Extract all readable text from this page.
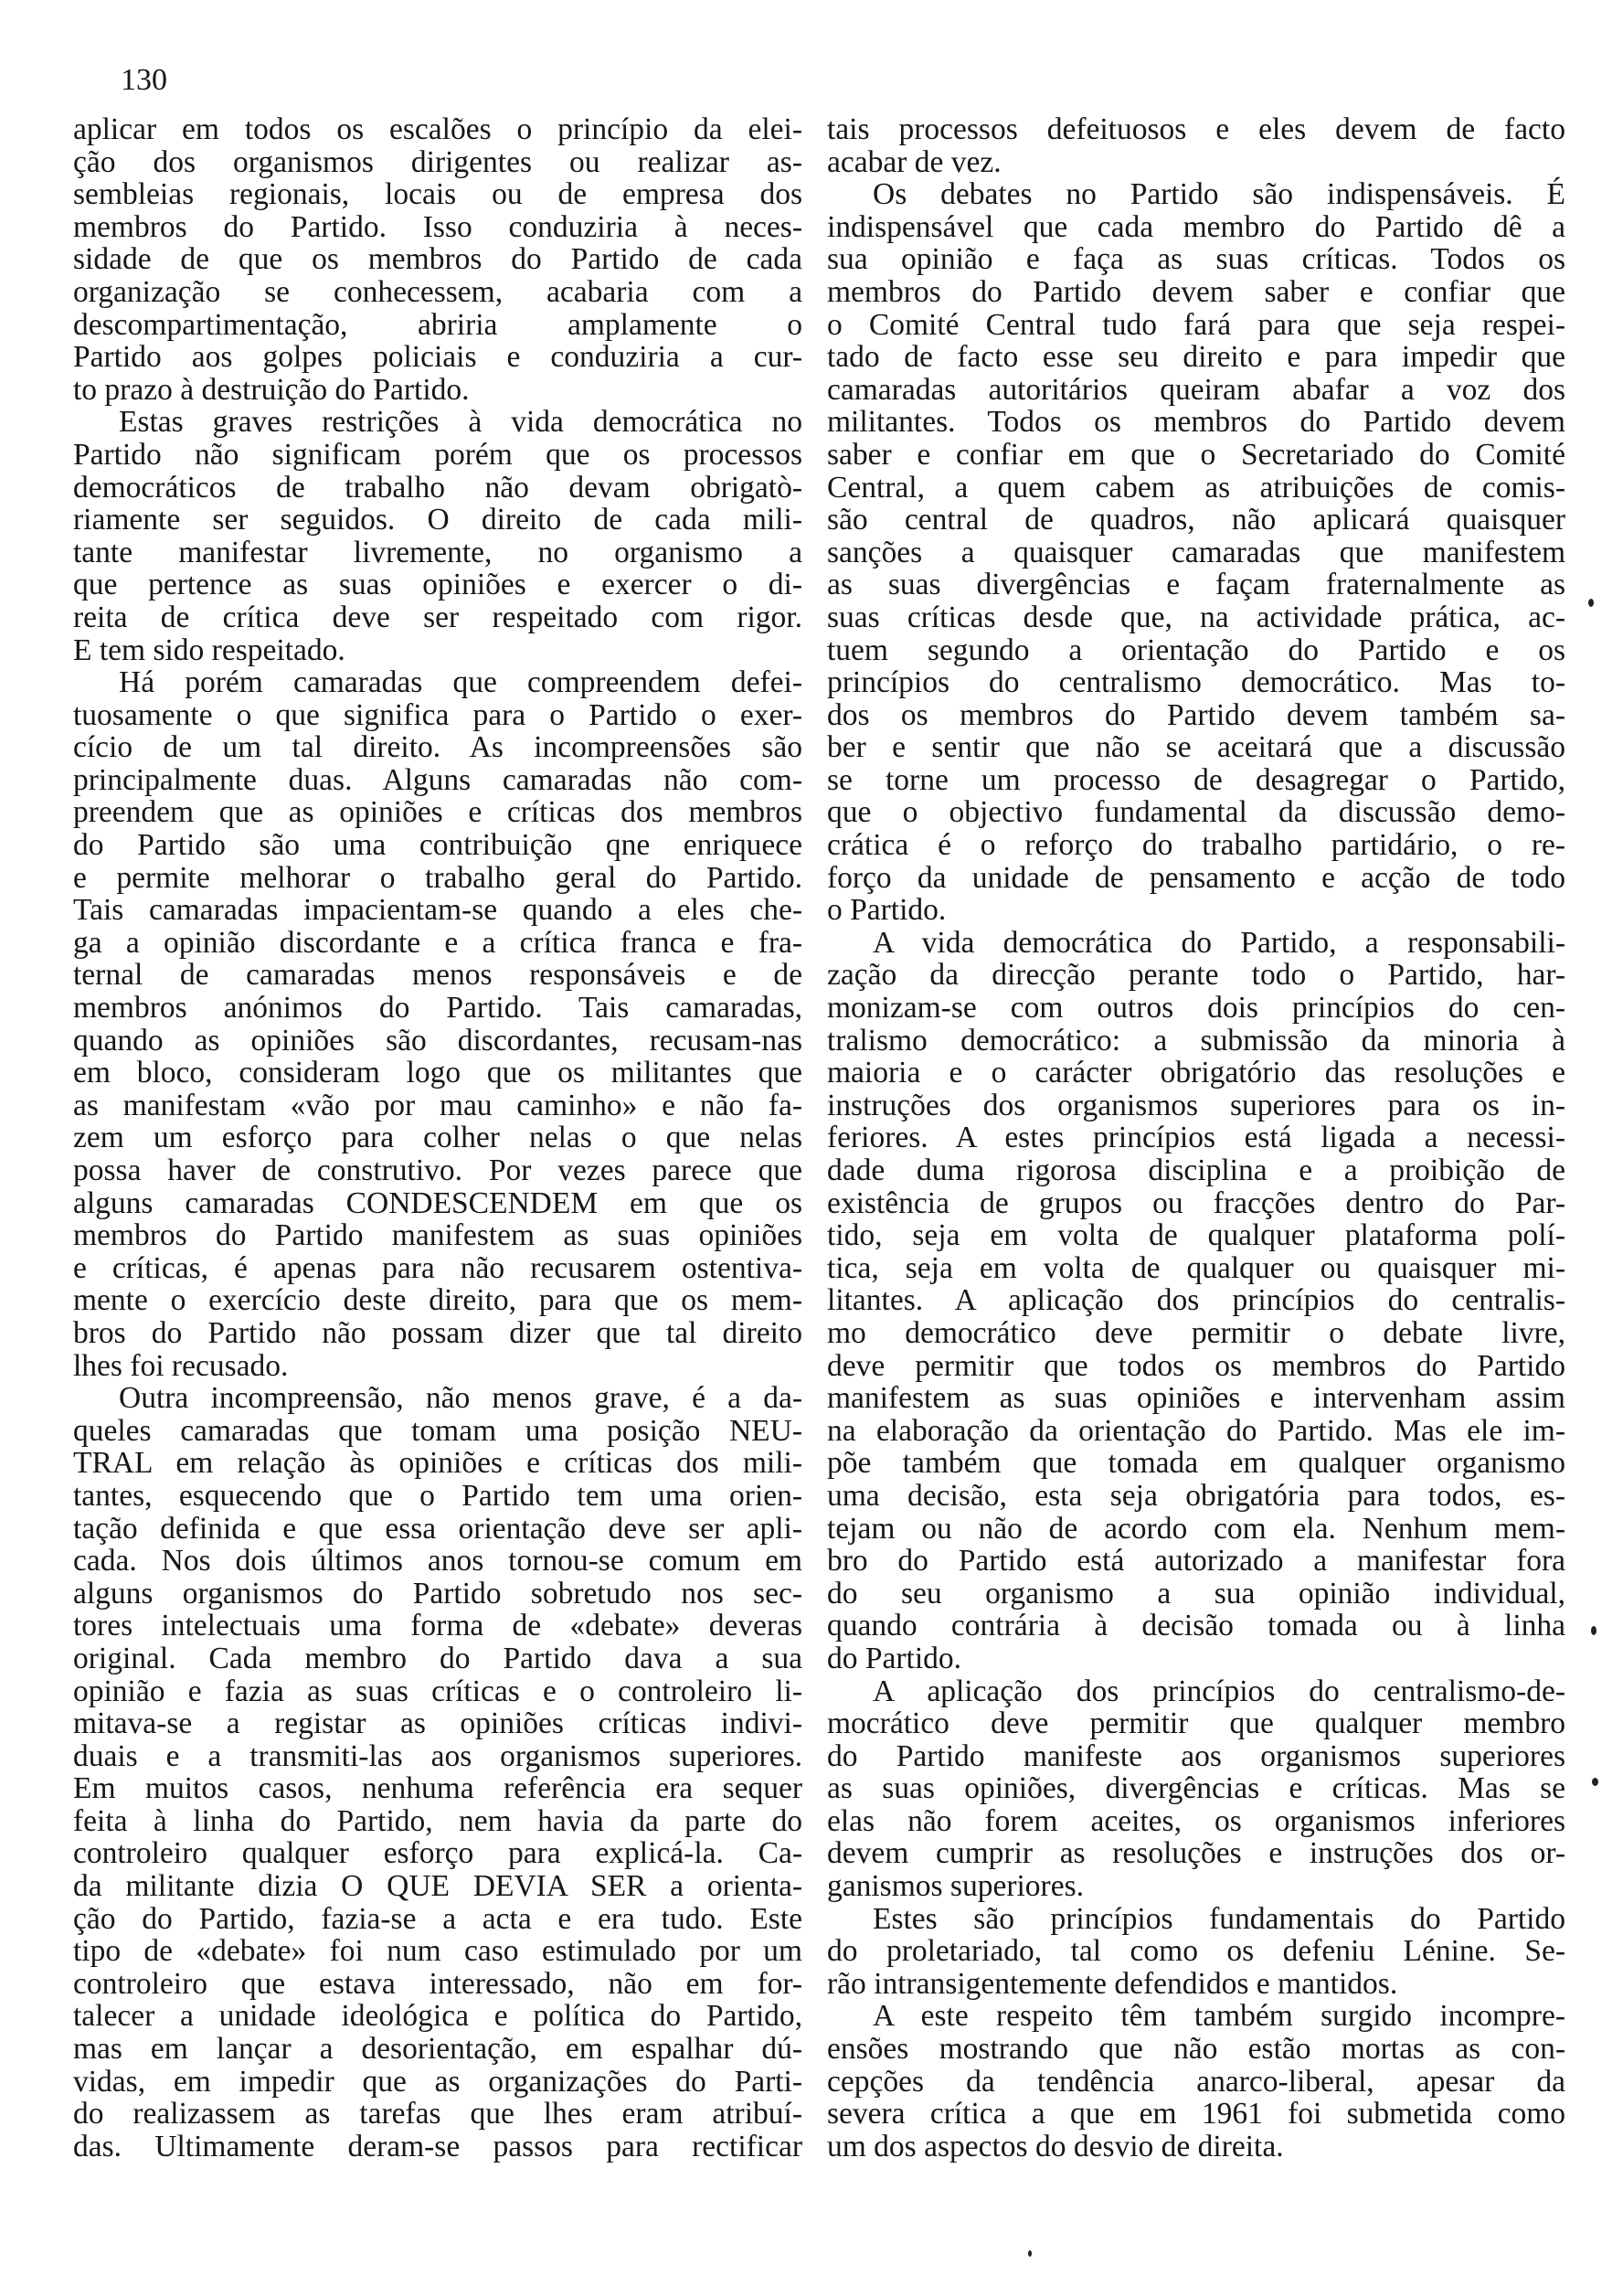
130
aplicar em todos os escalões o princípio da elei-
ção dos organismos dirigentes ou realizar as-
sembleias regionais, locais ou de empresa dos
membros do Partido. Isso conduziria à neces-
sidade de que os membros do Partido de cada
organização se conhecessem, acabaria com a
descompartimentação, abriria amplamente o
Partido aos golpes policiais e conduziria a cur-
to prazo à destruição do Partido.
Estas graves restrições à vida democrática no
Partido não significam porém que os processos
democráticos de trabalho não devam obrigatò-
riamente ser seguidos. O direito de cada mili-
tante manifestar livremente, no organismo a
que pertence as suas opiniões e exercer o di-
reita de crítica deve ser respeitado com rigor.
E tem sido respeitado.
Há porém camaradas que compreendem defei-
tuosamente o que significa para o Partido o exer-
cício de um tal direito. As incompreensões são
principalmente duas. Alguns camaradas não com-
preendem que as opiniões e críticas dos membros
do Partido são uma contribuição qne enriquece
e permite melhorar o trabalho geral do Partido.
Tais camaradas impacientam-se quando a eles che-
ga a opinião discordante e a crítica franca e fra-
ternal de camaradas menos responsáveis e de
membros anónimos do Partido. Tais camaradas,
quando as opiniões são discordantes, recusam-nas
em bloco, consideram logo que os militantes que
as manifestam «vão por mau caminho» e não fa-
zem um esforço para colher nelas o que nelas
possa haver de construtivo. Por vezes parece que
alguns camaradas CONDESCENDEM em que os
membros do Partido manifestem as suas opiniões
e críticas, é apenas para não recusarem ostentiva-
mente o exercício deste direito, para que os mem-
bros do Partido não possam dizer que tal direito
lhes foi recusado.
Outra incompreensão, não menos grave, é a da-
queles camaradas que tomam uma posição NEU-
TRAL em relação às opiniões e críticas dos mili-
tantes, esquecendo que o Partido tem uma orien-
tação definida e que essa orientação deve ser apli-
cada. Nos dois últimos anos tornou-se comum em
alguns organismos do Partido sobretudo nos sec-
tores intelectuais uma forma de «debate» deveras
original. Cada membro do Partido dava a sua
opinião e fazia as suas críticas e o controleiro li-
mitava-se a registar as opiniões críticas indivi-
duais e a transmiti-las aos organismos superiores.
Em muitos casos, nenhuma referência era sequer
feita à linha do Partido, nem havia da parte do
controleiro qualquer esforço para explicá-la. Ca-
da militante dizia O QUE DEVIA SER a orienta-
ção do Partido, fazia-se a acta e era tudo. Este
tipo de «debate» foi num caso estimulado por um
controleiro que estava interessado, não em for-
talecer a unidade ideológica e política do Partido,
mas em lançar a desorientação, em espalhar dú-
vidas, em impedir que as organizações do Parti-
do realizassem as tarefas que lhes eram atribuí-
das. Ultimamente deram-se passos para rectificar
tais processos defeituosos e eles devem de facto
acabar de vez.
Os debates no Partido são indispensáveis. É
indispensável que cada membro do Partido dê a
sua opinião e faça as suas críticas. Todos os
membros do Partido devem saber e confiar que
o Comité Central tudo fará para que seja respei-
tado de facto esse seu direito e para impedir que
camaradas autoritários queiram abafar a voz dos
militantes. Todos os membros do Partido devem
saber e confiar em que o Secretariado do Comité
Central, a quem cabem as atribuições de comis-
são central de quadros, não aplicará quaisquer
sanções a quaisquer camaradas que manifestem
as suas divergências e façam fraternalmente as
suas críticas desde que, na actividade prática, ac-
tuem segundo a orientação do Partido e os
princípios do centralismo democrático. Mas to-
dos os membros do Partido devem também sa-
ber e sentir que não se aceitará que a discussão
se torne um processo de desagregar o Partido,
que o objectivo fundamental da discussão demo-
crática é o reforço do trabalho partidário, o re-
forço da unidade de pensamento e acção de todo
o Partido.
A vida democrática do Partido, a responsabili-
zação da direcção perante todo o Partido, har-
monizam-se com outros dois princípios do cen-
tralismo democrático: a submissão da minoria à
maioria e o carácter obrigatório das resoluções e
instruções dos organismos superiores para os in-
feriores. A estes princípios está ligada a necessi-
dade duma rigorosa disciplina e a proibição de
existência de grupos ou fracções dentro do Par-
tido, seja em volta de qualquer plataforma polí-
tica, seja em volta de qualquer ou quaisquer mi-
litantes. A aplicação dos princípios do centralis-
mo democrático deve permitir o debate livre,
deve permitir que todos os membros do Partido
manifestem as suas opiniões e intervenham assim
na elaboração da orientação do Partido. Mas ele im-
põe também que tomada em qualquer organismo
uma decisão, esta seja obrigatória para todos, es-
tejam ou não de acordo com ela. Nenhum mem-
bro do Partido está autorizado a manifestar fora
do seu organismo a sua opinião individual,
quando contrária à decisão tomada ou à linha
do Partido.
A aplicação dos princípios do centralismo-de-
mocrático deve permitir que qualquer membro
do Partido manifeste aos organismos superiores
as suas opiniões, divergências e críticas. Mas se
elas não forem aceites, os organismos inferiores
devem cumprir as resoluções e instruções dos or-
ganismos superiores.
Estes são princípios fundamentais do Partido
do proletariado, tal como os defeniu Lénine. Se-
rão intransigentemente defendidos e mantidos.
A este respeito têm também surgido incompre-
ensões mostrando que não estão mortas as con-
cepções da tendência anarco-liberal, apesar da
severa crítica a que em 1961 foi submetida como
um dos aspectos do desvio de direita.
